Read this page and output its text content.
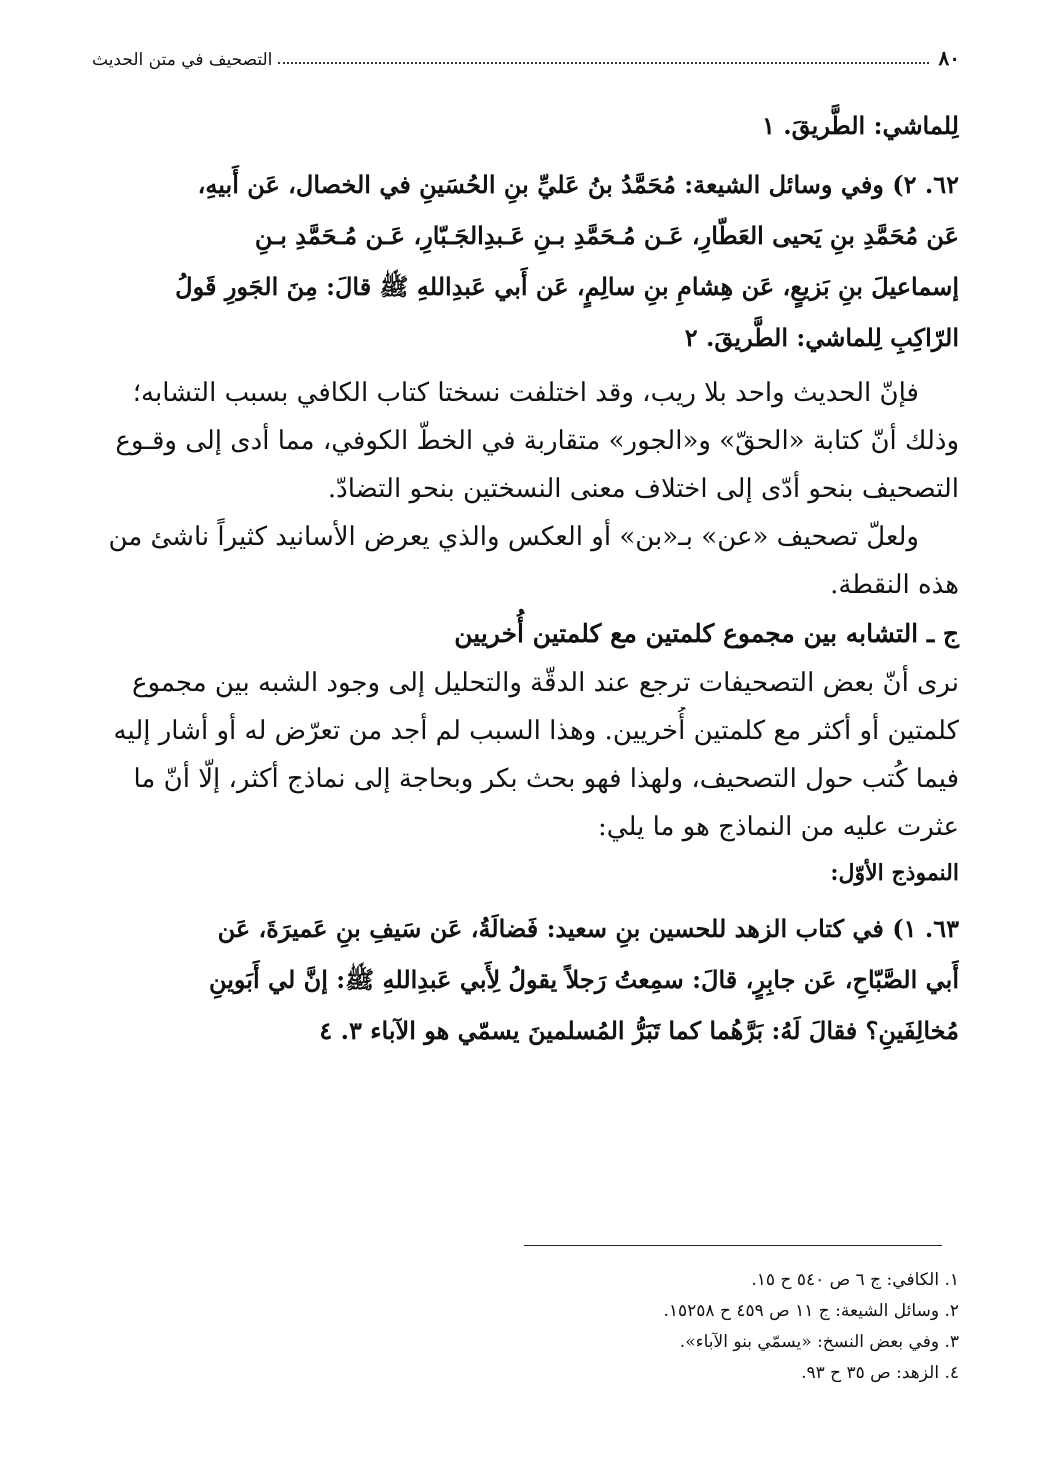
٨٠
التصحيف في متن الحديث
لِلماشي: الطَّريقَ. ١
٦٢. ٢) وفي وسائل الشيعة: مُحَمَّدُ بنُ عَليِّ بنِ الحُسَينِ في الخصال، عَن أَبيهِ،
عَن مُحَمَّدِ بنِ يَحيى العَطّارِ، عَـن مُـحَمَّدِ بـنِ عَـبدِالجَـبّارِ، عَـن مُـحَمَّدِ بـنِ
إسماعيلَ بنِ بَزيعٍ، عَن هِشامِ بنِ سالِمٍ، عَن أَبي عَبدِاللهِ ﷺ قالَ: مِنَ الجَورِ قَولُ
الرّاكِبِ لِلماشي: الطَّريقَ. ٢
فإنّ الحديث واحد بلا ريب، وقد اختلفت نسختا كتاب الكافي بسبب التشابه؛
وذلك أنّ كتابة «الحقّ» و«الجور» متقاربة في الخطّ الكوفي، مما أدى إلى وقـوع
التصحيف بنحو أدّى إلى اختلاف معنى النسختين بنحو التضادّ.
ولعلّ تصحيف «عن» بـ«بن» أو العكس والذي يعرض الأسانيد كثيراً ناشئ من
هذه النقطة.
ج ـ التشابه بين مجموع كلمتين مع كلمتين أُخريين
نرى أنّ بعض التصحيفات ترجع عند الدقّة والتحليل إلى وجود الشبه بين مجموع
كلمتين أو أكثر مع كلمتين أُخريين. وهذا السبب لم أجد من تعرّض له أو أشار إليه
فيما كُتب حول التصحيف، ولهذا فهو بحث بكر وبحاجة إلى نماذج أكثر، إلّا أنّ ما
عثرت عليه من النماذج هو ما يلي:
النموذج الأوّل:
٦٣. ١) في كتاب الزهد للحسين بنِ سعيد: فَضالَةُ، عَن سَيفِ بنِ عَميرَةَ، عَن
أَبي الصَّبّاحِ، عَن جابِرٍ، قالَ: سمِعتُ رَجلاً يقولُ لِأَبي عَبدِاللهِ ﷺ: إنَّ لي أَبَوينِ
مُخالِفَينِ؟ فقالَ لَهُ: بَرَّهُما كما تَبَرُّ المُسلمينَ يسمّي هو الآباء ٣. ٤
١. الكافي: ج ٦ ص ٥٤٠ ح ١٥.
٢. وسائل الشيعة: ج ١١ ص ٤٥٩ ح ١٥٢٥٨.
٣. وفي بعض النسخ: «يسمّي بنو الآباء».
٤. الزهد: ص ٣٥ ح ٩٣.
